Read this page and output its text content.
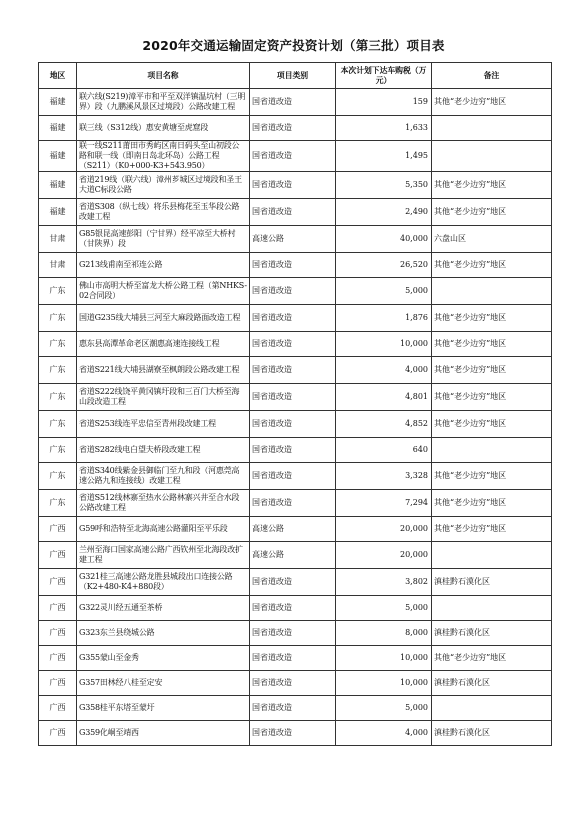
2020年交通运输固定资产投资计划（第三批）项目表
地区	项目名称	项目类别	本次计划下达车购税（万元）	备注
福建	联六线(S219)漳平市和平至双洋镇温坑村（三明界）段（九鹏溪风景区过境段）公路改建工程	国省道改造	159	其他“老少边穷”地区
福建	联三线（S312线）惠安黄塘至虎窟段	国省道改造	1,633	
福建	联一线S211莆田市秀屿区南日码头至山初段公路和联一线（即南日岛北环岛）公路工程（S211）（K0+000-K3+543.950）	国省道改造	1,495	
福建	省道219线（联六线）漳州芗城区过境段和圣王大道C标段公路	国省道改造	5,350	其他“老少边穷”地区
福建	省道S308（纵七线）将乐县梅花至玉华段公路改建工程	国省道改造	2,490	其他“老少边穷”地区
甘肃	G85银昆高速彭阳（宁甘界）经平凉至大桥村（甘陕界）段	高速公路	40,000	六盘山区
甘肃	G213线甫南至祁连公路	国省道改造	26,520	其他“老少边穷”地区
广东	佛山市高明大桥至富龙大桥公路工程（第NHKS-02合同段）	国省道改造	5,000	
广东	国道G235线大埔县三河至大麻段路面改造工程	国省道改造	1,876	其他“老少边穷”地区
广东	惠东县高潭革命老区潮惠高速连接线工程	国省道改造	10,000	其他“老少边穷”地区
广东	省道S221线大埔县湖寮至枫朗段公路改建工程	国省道改造	4,000	其他“老少边穷”地区
广东	省道S222线饶平黄冈镇圩段和三百门大桥至海山段改造工程	国省道改造	4,801	其他“老少边穷”地区
广东	省道S253线连平忠信至青州段改建工程	国省道改造	4,852	其他“老少边穷”地区
广东	省道S282线电白望夫桥段改建工程	国省道改造	640	
广东	省道S340线紫金县御临门至九和段（河惠莞高速公路九和连接线）改建工程	国省道改造	3,328	其他“老少边穷”地区
广东	省道S512线林寨至热水公路林寨兴井至合水段公路改建工程	国省道改造	7,294	其他“老少边穷”地区
广西	G59呼和浩特至北海高速公路灌阳至平乐段	高速公路	20,000	其他“老少边穷”地区
广西	兰州至海口国家高速公路广西钦州至北海段改扩建工程	高速公路	20,000	
广西	G321桂三高速公路龙胜县城段出口连接公路（K2+480-K4+880段）	国省道改造	3,802	滇桂黔石漠化区
广西	G322灵川经五通至茶桥	国省道改造	5,000	
广西	G323东兰县绕城公路	国省道改造	8,000	滇桂黔石漠化区
广西	G355蒙山至金秀	国省道改造	10,000	其他“老少边穷”地区
广西	G357田林经八桂至定安	国省道改造	10,000	滇桂黔石漠化区
广西	G358桂平东塔至蒙圩	国省道改造	5,000	
广西	G359化峒至靖西	国省道改造	4,000	滇桂黔石漠化区
